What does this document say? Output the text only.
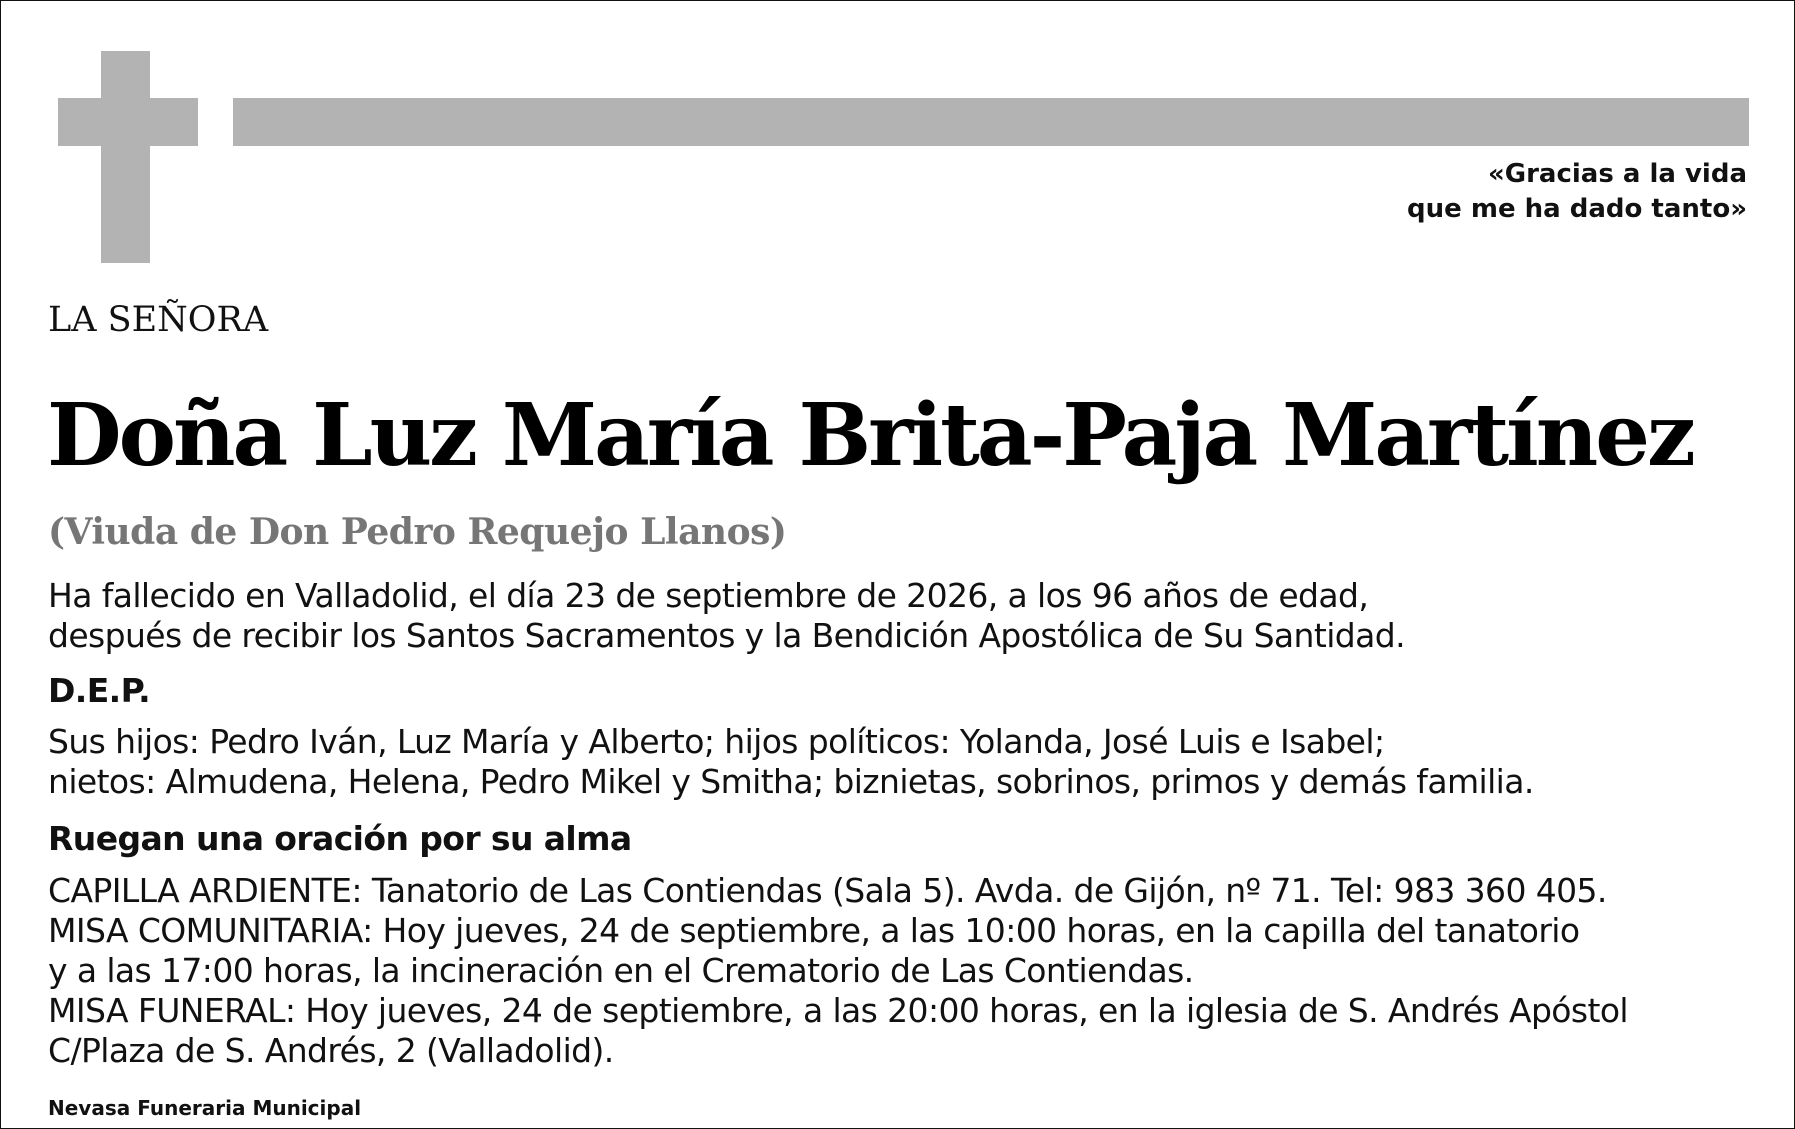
«Gracias a la vida
que me ha dado tanto»
LA SEÑORA
Doña Luz María Brita-Paja Martínez
(Viuda de Don Pedro Requejo Llanos)
Ha fallecido en Valladolid, el día 23 de septiembre de 2026, a los 96 años de edad,
después de recibir los Santos Sacramentos y la Bendición Apostólica de Su Santidad.
D.E.P.
Sus hijos: Pedro Iván, Luz María y Alberto; hijos políticos: Yolanda, José Luis e Isabel;
nietos: Almudena, Helena, Pedro Mikel y Smitha; biznietas, sobrinos, primos y demás familia.
Ruegan una oración por su alma
CAPILLA ARDIENTE: Tanatorio de Las Contiendas (Sala 5). Avda. de Gijón, nº 71. Tel: 983 360 405.
MISA COMUNITARIA: Hoy jueves, 24 de septiembre, a las 10:00 horas, en la capilla del tanatorio
y a las 17:00 horas, la incineración en el Crematorio de Las Contiendas.
MISA FUNERAL: Hoy jueves, 24 de septiembre, a las 20:00 horas, en la iglesia de S. Andrés Apóstol
C/Plaza de S. Andrés, 2 (Valladolid).
Nevasa Funeraria Municipal
